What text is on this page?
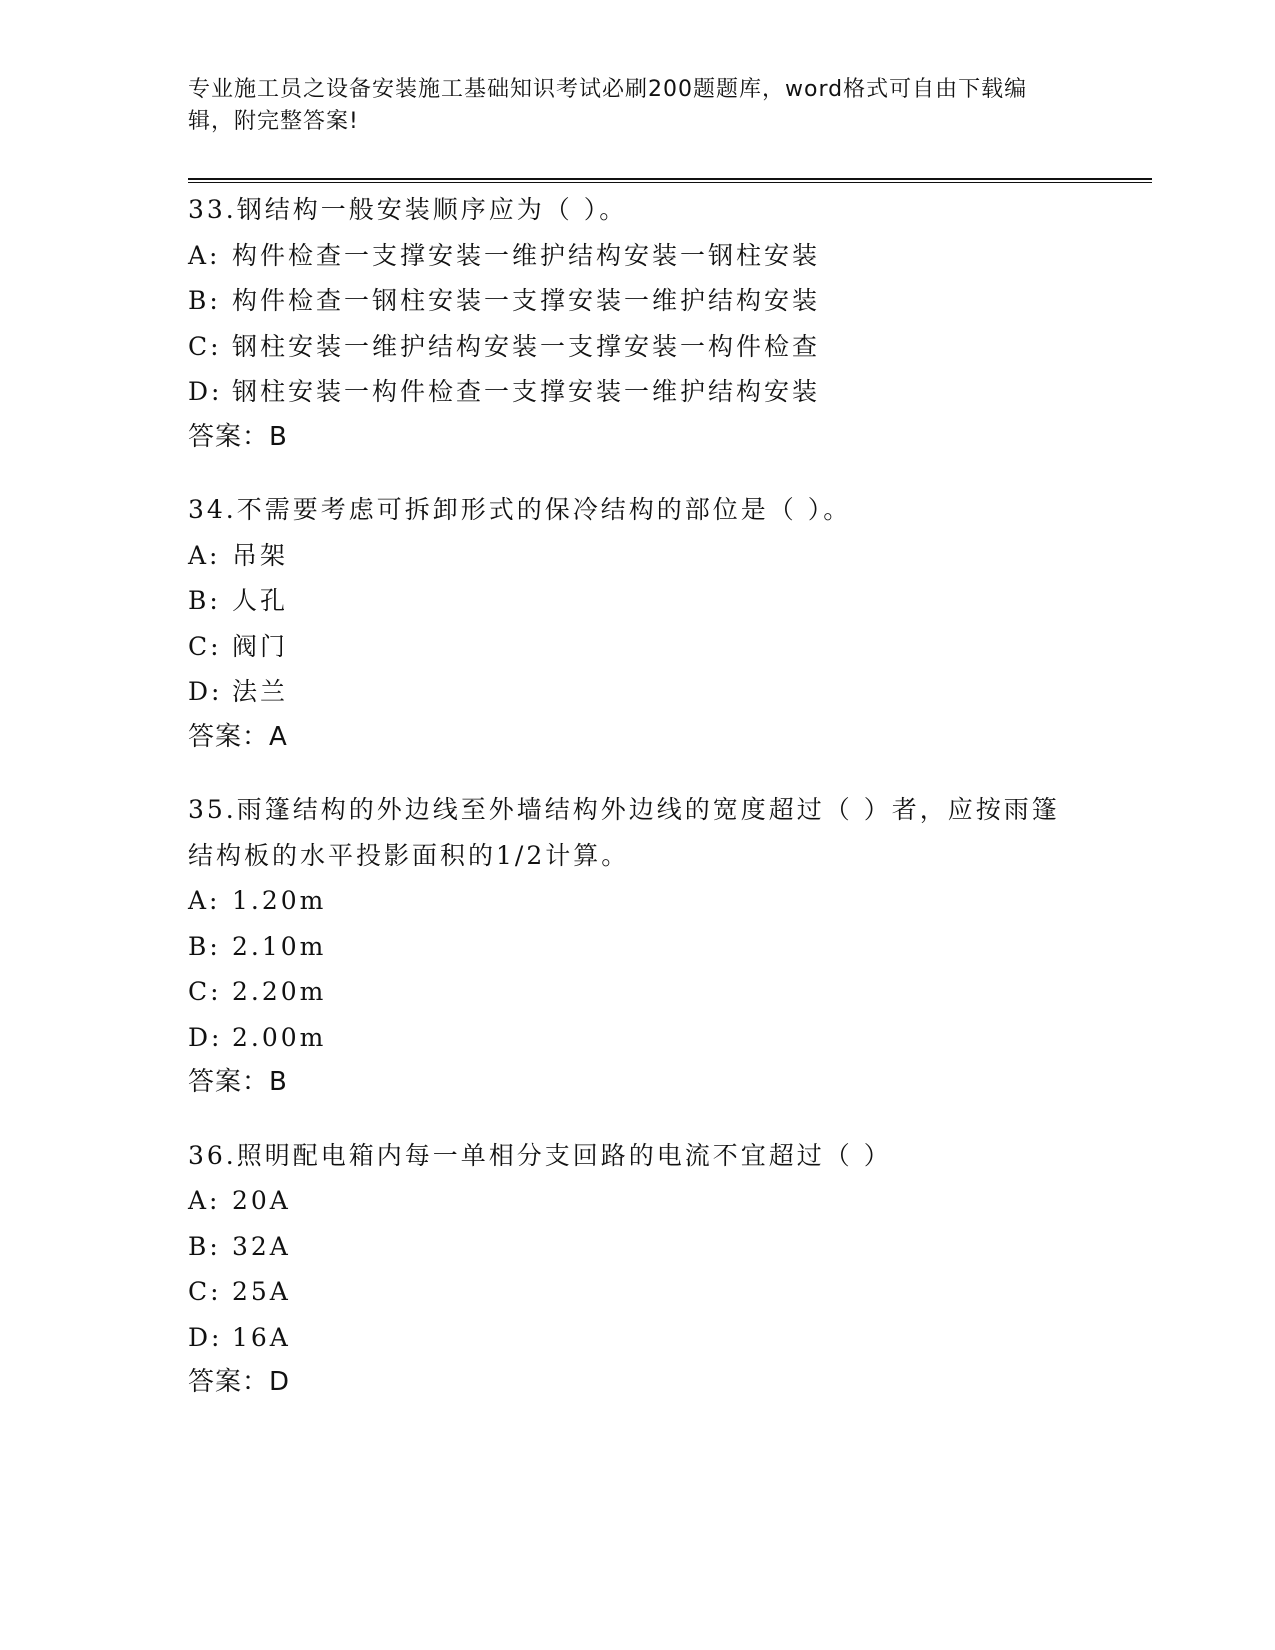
专业施工员之设备安装施工基础知识考试必刷200题题库，word格式可自由下载编辑，附完整答案!
33.钢结构一般安装顺序应为（ ）。
A: 构件检查一支撑安装一维护结构安装一钢柱安装
B: 构件检查一钢柱安装一支撑安装一维护结构安装
C: 钢柱安装一维护结构安装一支撑安装一构件检查
D: 钢柱安装一构件检查一支撑安装一维护结构安装
答案：B
34.不需要考虑可拆卸形式的保冷结构的部位是（ ）。
A: 吊架
B: 人孔
C: 阀门
D: 法兰
答案：A
35.雨篷结构的外边线至外墙结构外边线的宽度超过（ ）者，应按雨篷结构板的水平投影面积的1/2计算。
A: 1.20m
B: 2.10m
C: 2.20m
D: 2.00m
答案：B
36.照明配电箱内每一单相分支回路的电流不宜超过（ ）
A: 20A
B: 32A
C: 25A
D: 16A
答案：D
